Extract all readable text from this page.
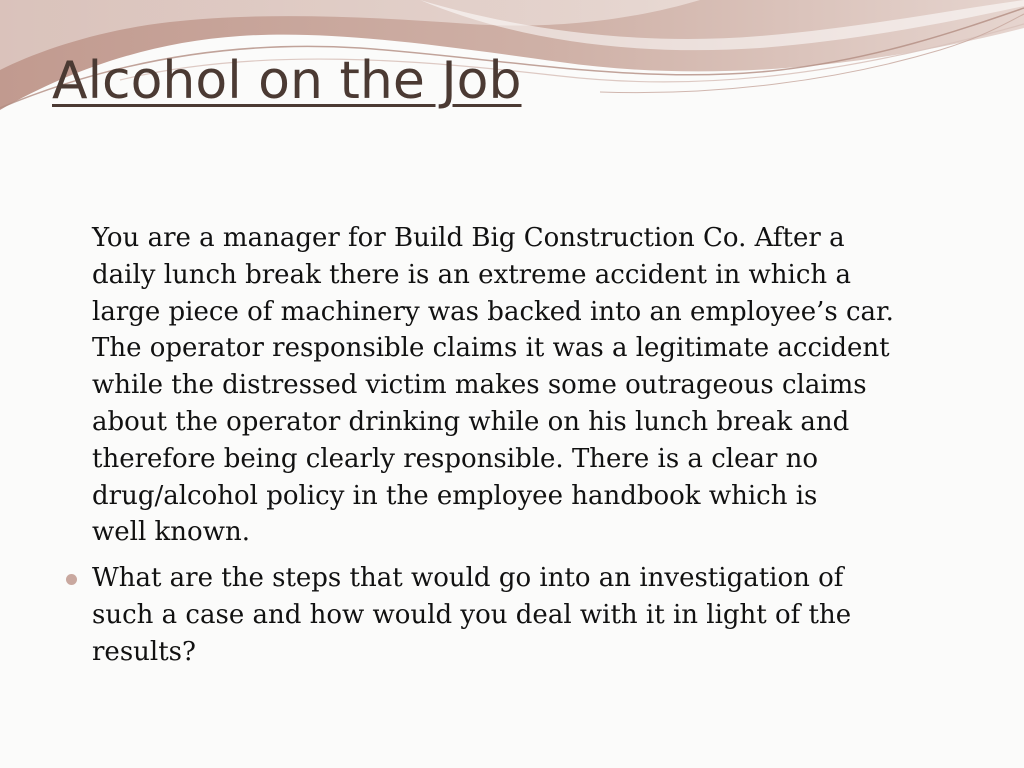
Alcohol on the Job
You are a manager for Build Big Construction Co. After a
daily lunch break there is an extreme accident in which a
large piece of machinery was backed into an employee’s car.
The operator responsible claims it was a legitimate accident
while the distressed victim makes some outrageous claims
about the operator drinking while on his lunch break and
therefore being clearly responsible. There is a clear no
drug/alcohol policy in the employee handbook which is
well known.
What are the steps that would go into an investigation of
such a case and how would you deal with it in light of the
results?
